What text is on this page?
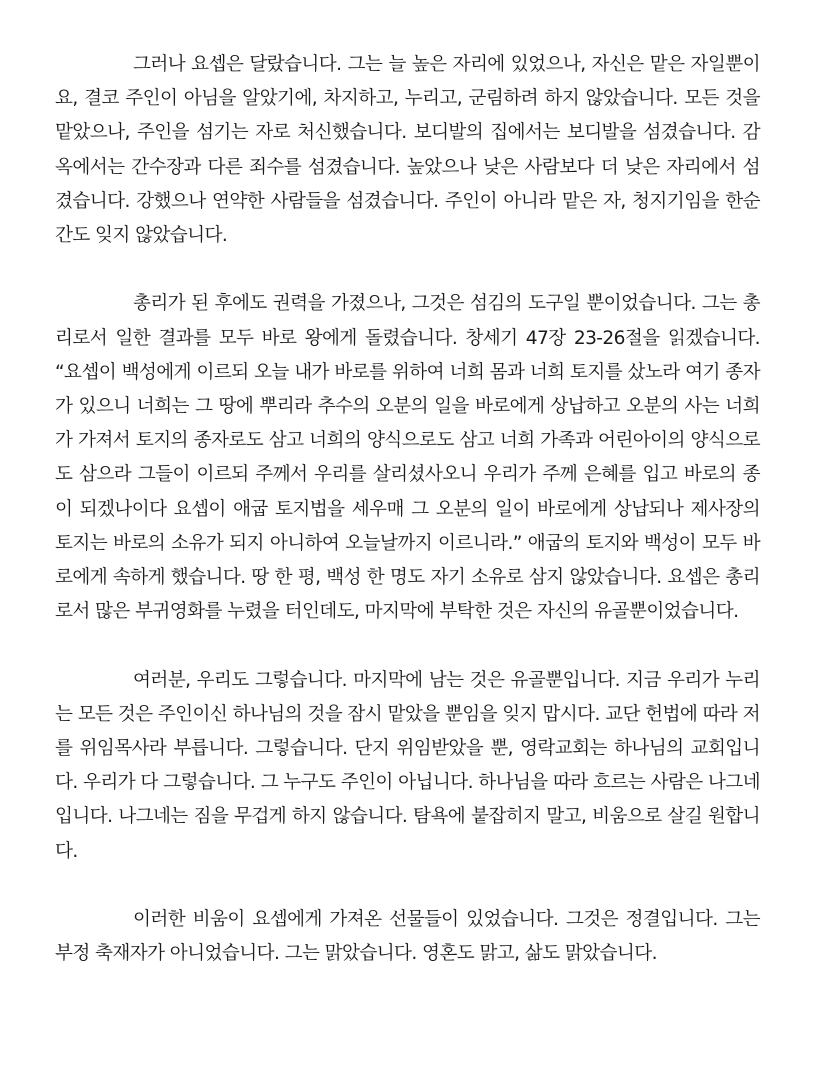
그러나 요셉은 달랐습니다. 그는 늘 높은 자리에 있었으나, 자신은 맡은 자일뿐이요, 결코 주인이 아님을 알았기에, 차지하고, 누리고, 군림하려 하지 않았습니다. 모든 것을 맡았으나, 주인을 섬기는 자로 처신했습니다. 보디발의 집에서는 보디발을 섬겼습니다. 감옥에서는 간수장과 다른 죄수를 섬겼습니다. 높았으나 낮은 사람보다 더 낮은 자리에서 섬겼습니다. 강했으나 연약한 사람들을 섬겼습니다. 주인이 아니라 맡은 자, 청지기임을 한순간도 잊지 않았습니다.

총리가 된 후에도 권력을 가졌으나, 그것은 섬김의 도구일 뿐이었습니다. 그는 총리로서 일한 결과를 모두 바로 왕에게 돌렸습니다. 창세기 47장 23-26절을 읽겠습니다. “요셉이 백성에게 이르되 오늘 내가 바로를 위하여 너희 몸과 너희 토지를 샀노라 여기 종자가 있으니 너희는 그 땅에 뿌리라 추수의 오분의 일을 바로에게 상납하고 오분의 사는 너희가 가져서 토지의 종자로도 삼고 너희의 양식으로도 삼고 너희 가족과 어린아이의 양식으로도 삼으라 그들이 이르되 주께서 우리를 살리셨사오니 우리가 주께 은혜를 입고 바로의 종이 되겠나이다 요셉이 애굽 토지법을 세우매 그 오분의 일이 바로에게 상납되나 제사장의 토지는 바로의 소유가 되지 아니하여 오늘날까지 이르니라.” 애굽의 토지와 백성이 모두 바로에게 속하게 했습니다. 땅 한 평, 백성 한 명도 자기 소유로 삼지 않았습니다. 요셉은 총리로서 많은 부귀영화를 누렸을 터인데도, 마지막에 부탁한 것은 자신의 유골뿐이었습니다.

여러분, 우리도 그렇습니다. 마지막에 남는 것은 유골뿐입니다. 지금 우리가 누리는 모든 것은 주인이신 하나님의 것을 잠시 맡았을 뿐임을 잊지 맙시다. 교단 헌법에 따라 저를 위임목사라 부릅니다. 그렇습니다. 단지 위임받았을 뿐, 영락교회는 하나님의 교회입니다. 우리가 다 그렇습니다. 그 누구도 주인이 아닙니다. 하나님을 따라 흐르는 사람은 나그네입니다. 나그네는 짐을 무겁게 하지 않습니다. 탐욕에 붙잡히지 말고, 비움으로 살길 원합니다.

이러한 비움이 요셉에게 가져온 선물들이 있었습니다. 그것은 정결입니다. 그는 부정 축재자가 아니었습니다. 그는 맑았습니다. 영혼도 맑고, 삶도 맑았습니다.
